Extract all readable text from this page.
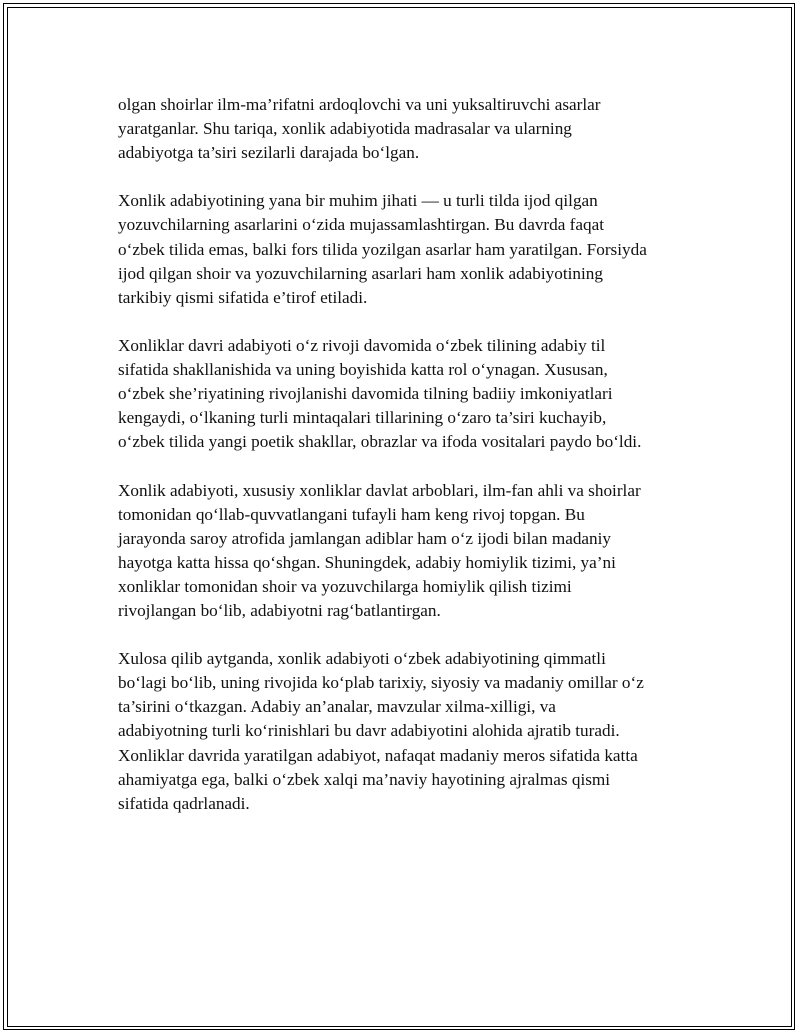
olgan shoirlar ilm-ma’rifatni ardoqlovchi va uni yuksaltiruvchi asarlar
yaratganlar. Shu tariqa, xonlik adabiyotida madrasalar va ularning
adabiyotga ta’siri sezilarli darajada bo‘lgan.

Xonlik adabiyotining yana bir muhim jihati — u turli tilda ijod qilgan
yozuvchilarning asarlarini o‘zida mujassamlashtirgan. Bu davrda faqat
o‘zbek tilida emas, balki fors tilida yozilgan asarlar ham yaratilgan. Forsiyda
ijod qilgan shoir va yozuvchilarning asarlari ham xonlik adabiyotining
tarkibiy qismi sifatida e’tirof etiladi.

Xonliklar davri adabiyoti o‘z rivoji davomida o‘zbek tilining adabiy til
sifatida shakllanishida va uning boyishida katta rol o‘ynagan. Xususan,
o‘zbek she’riyatining rivojlanishi davomida tilning badiiy imkoniyatlari
kengaydi, o‘lkaning turli mintaqalari tillarining o‘zaro ta’siri kuchayib,
o‘zbek tilida yangi poetik shakllar, obrazlar va ifoda vositalari paydo bo‘ldi.

Xonlik adabiyoti, xususiy xonliklar davlat arboblari, ilm-fan ahli va shoirlar
tomonidan qo‘llab-quvvatlangani tufayli ham keng rivoj topgan. Bu
jarayonda saroy atrofida jamlangan adiblar ham o‘z ijodi bilan madaniy
hayotga katta hissa qo‘shgan. Shuningdek, adabiy homiylik tizimi, ya’ni
xonliklar tomonidan shoir va yozuvchilarga homiylik qilish tizimi
rivojlangan bo‘lib, adabiyotni rag‘batlantirgan.

Xulosa qilib aytganda, xonlik adabiyoti o‘zbek adabiyotining qimmatli
bo‘lagi bo‘lib, uning rivojida ko‘plab tarixiy, siyosiy va madaniy omillar o‘z
ta’sirini o‘tkazgan. Adabiy an’analar, mavzular xilma-xilligi, va
adabiyotning turli ko‘rinishlari bu davr adabiyotini alohida ajratib turadi.
Xonliklar davrida yaratilgan adabiyot, nafaqat madaniy meros sifatida katta
ahamiyatga ega, balki o‘zbek xalqi ma’naviy hayotining ajralmas qismi
sifatida qadrlanadi.
